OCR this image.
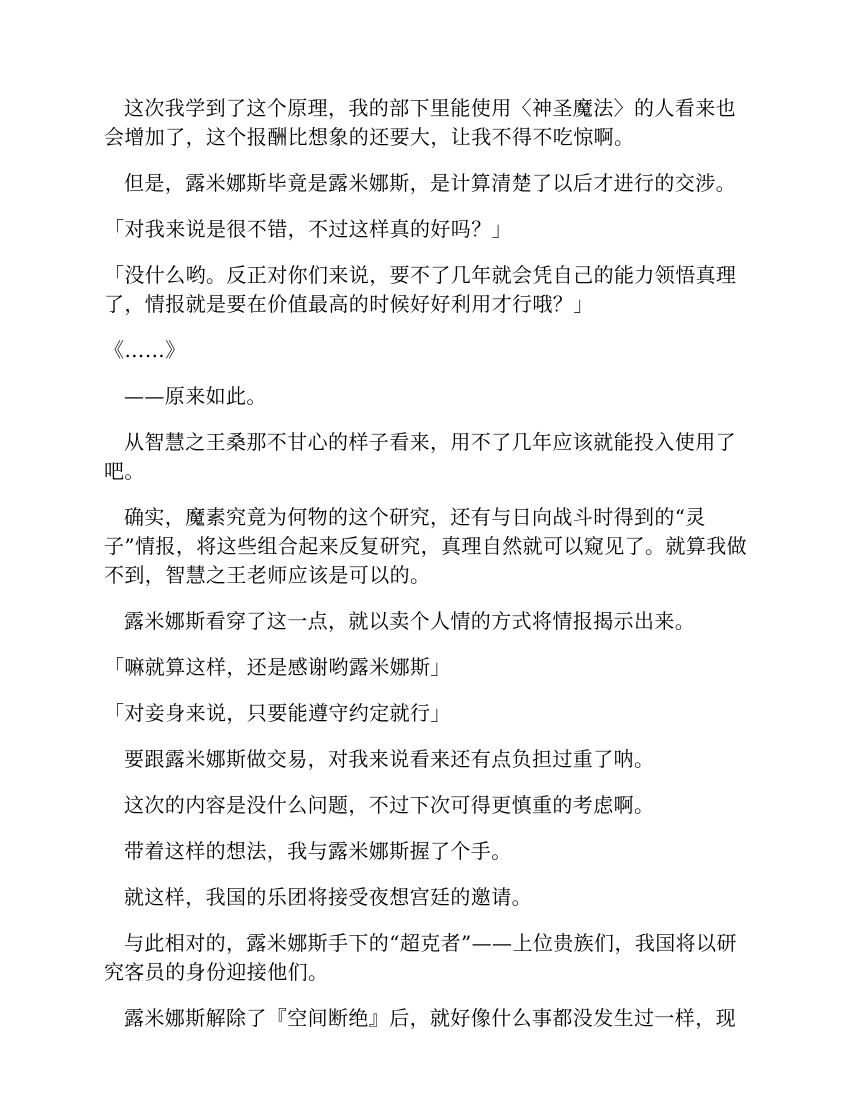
这次我学到了这个原理，我的部下里能使用〈神圣魔法〉的人看来也会增加了，这个报酬比想象的还要大，让我不得不吃惊啊。

但是，露米娜斯毕竟是露米娜斯，是计算清楚了以后才进行的交涉。

「对我来说是很不错，不过这样真的好吗？」

「没什么哟。反正对你们来说，要不了几年就会凭自己的能力领悟真理了，情报就是要在价值最高的时候好好利用才行哦？」

《……》

——原来如此。

从智慧之王桑那不甘心的样子看来，用不了几年应该就能投入使用了吧。

确实，魔素究竟为何物的这个研究，还有与日向战斗时得到的“灵子”情报，将这些组合起来反复研究，真理自然就可以窥见了。就算我做不到，智慧之王老师应该是可以的。

露米娜斯看穿了这一点，就以卖个人情的方式将情报揭示出来。

「嘛就算这样，还是感谢哟露米娜斯」

「对妾身来说，只要能遵守约定就行」

要跟露米娜斯做交易，对我来说看来还有点负担过重了呐。

这次的内容是没什么问题，不过下次可得更慎重的考虑啊。

带着这样的想法，我与露米娜斯握了个手。

就这样，我国的乐团将接受夜想宫廷的邀请。

与此相对的，露米娜斯手下的“超克者”——上位贵族们，我国将以研究客员的身份迎接他们。

露米娜斯解除了『空间断绝』后，就好像什么事都没发生过一样，现
